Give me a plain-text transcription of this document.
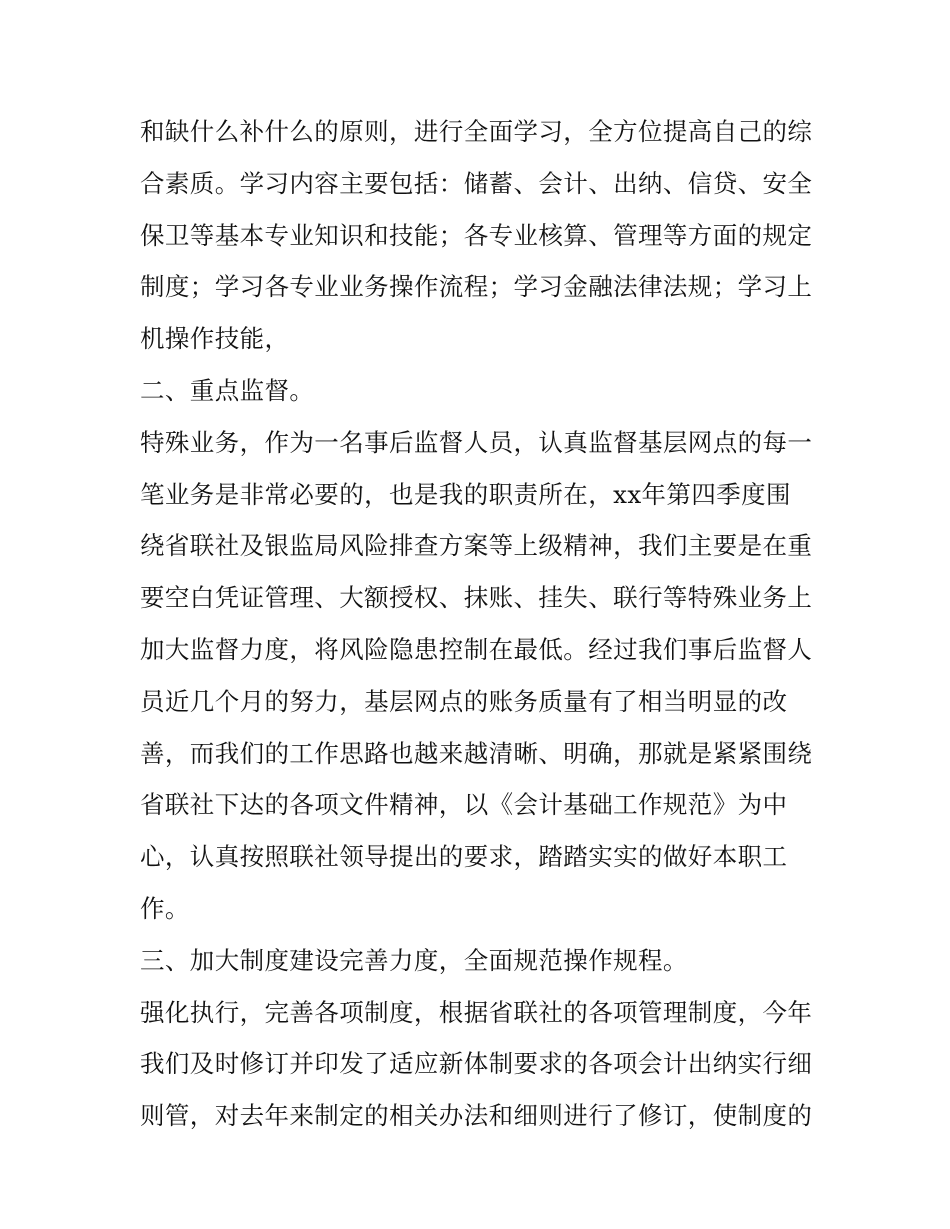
和缺什么补什么的原则，进行全面学习，全方位提高自己的综
合素质。学习内容主要包括：储蓄、会计、出纳、信贷、安全
保卫等基本专业知识和技能；各专业核算、管理等方面的规定
制度；学习各专业业务操作流程；学习金融法律法规；学习上
机操作技能，
二、重点监督。
特殊业务，作为一名事后监督人员，认真监督基层网点的每一
笔业务是非常必要的，也是我的职责所在，xx年第四季度围
绕省联社及银监局风险排查方案等上级精神，我们主要是在重
要空白凭证管理、大额授权、抹账、挂失、联行等特殊业务上
加大监督力度，将风险隐患控制在最低。经过我们事后监督人
员近几个月的努力，基层网点的账务质量有了相当明显的改
善，而我们的工作思路也越来越清晰、明确，那就是紧紧围绕
省联社下达的各项文件精神，以《会计基础工作规范》为中
心，认真按照联社领导提出的要求，踏踏实实的做好本职工
作。
三、加大制度建设完善力度，全面规范操作规程。
强化执行，完善各项制度，根据省联社的各项管理制度，今年
我们及时修订并印发了适应新体制要求的各项会计出纳实行细
则管，对去年来制定的相关办法和细则进行了修订，使制度的
